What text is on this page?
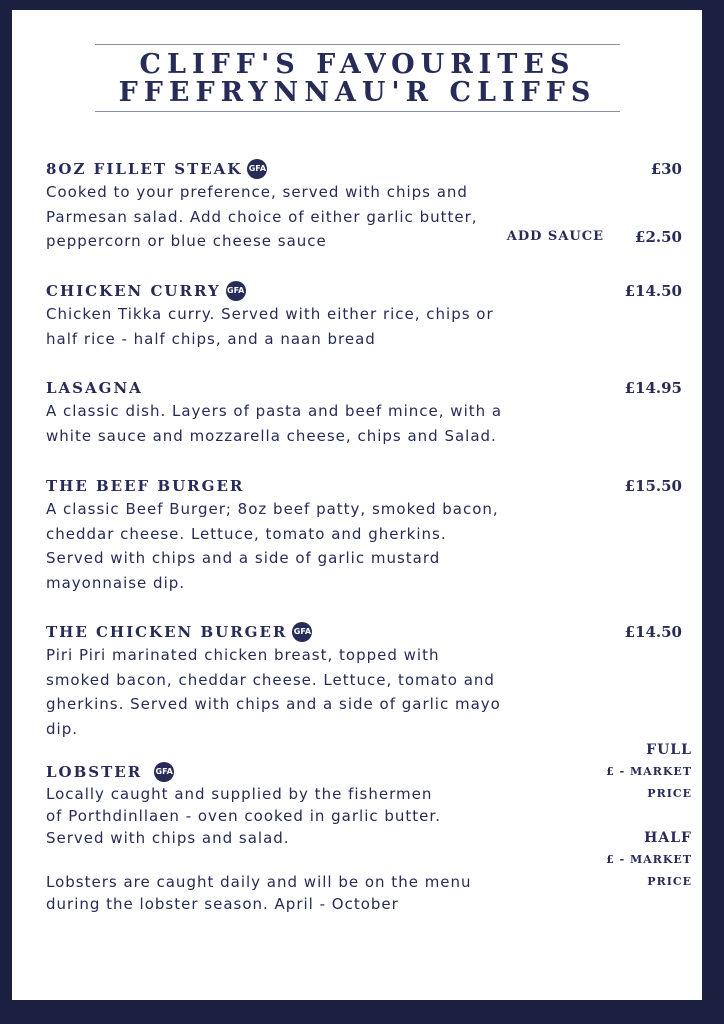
CLIFF'S FAVOURITES
FFEFRYNNAU'R CLIFFS
8OZ FILLET STEAK GFA	£30

Cooked to your preference, served with chips and

Parmesan salad. Add choice of either garlic butter,

peppercorn or blue cheese sauce	ADD SAUCE £2.50
CHICKEN CURRY GFA	£14.50

Chicken Tikka curry. Served with either rice, chips or

half rice - half chips, and a naan bread

LASAGNA	£14.95

A classic dish. Layers of pasta and beef mince, with a

white sauce and mozzarella cheese, chips and Salad.

THE BEEF BURGER	£15.50

A classic Beef Burger; 8oz beef patty, smoked bacon,

cheddar cheese. Lettuce, tomato and gherkins.

Served with chips and a side of garlic mustard

mayonnaise dip.

THE CHICKEN BURGER GFA	£14.50

Piri Piri marinated chicken breast, topped with

smoked bacon, cheddar cheese. Lettuce, tomato and

gherkins. Served with chips and a side of garlic mayo

dip.

LOBSTER GFA

Locally caught and supplied by the fishermen

of Porthdinllaen - oven cooked in garlic butter.

Served with chips and salad.

Lobsters are caught daily and will be on the menu

during the lobster season. April - October

FULL
£ - MARKET
PRICE
HALF
£ - MARKET
PRICE
